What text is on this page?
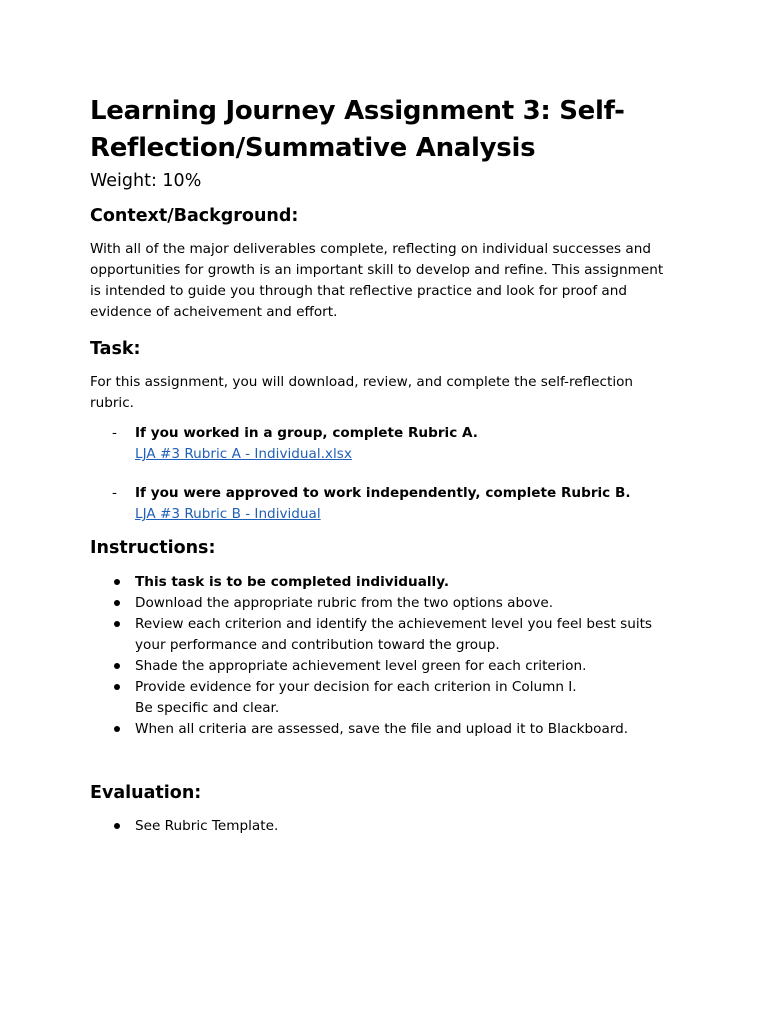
Learning Journey Assignment 3: Self-Reflection/Summative Analysis

Weight: 10%

Context/Background:

With all of the major deliverables complete, reflecting on individual successes and opportunities for growth is an important skill to develop and refine. This assignment is intended to guide you through that reflective practice and look for proof and evidence of acheivement and effort.

Task:

For this assignment, you will download, review, and complete the self-reflection rubric.

- If you worked in a group, complete Rubric A.
LJA #3 Rubric A - Individual.xlsx
- If you were approved to work independently, complete Rubric B.
LJA #3 Rubric B - Individual
Instructions:
This task is to be completed individually.
Download the appropriate rubric from the two options above.
Review each criterion and identify the achievement level you feel best suits your performance and contribution toward the group.
Shade the appropriate achievement level green for each criterion.
Provide evidence for your decision for each criterion in Column I.
Be specific and clear.
When all criteria are assessed, save the file and upload it to Blackboard.
Evaluation:
See Rubric Template.
